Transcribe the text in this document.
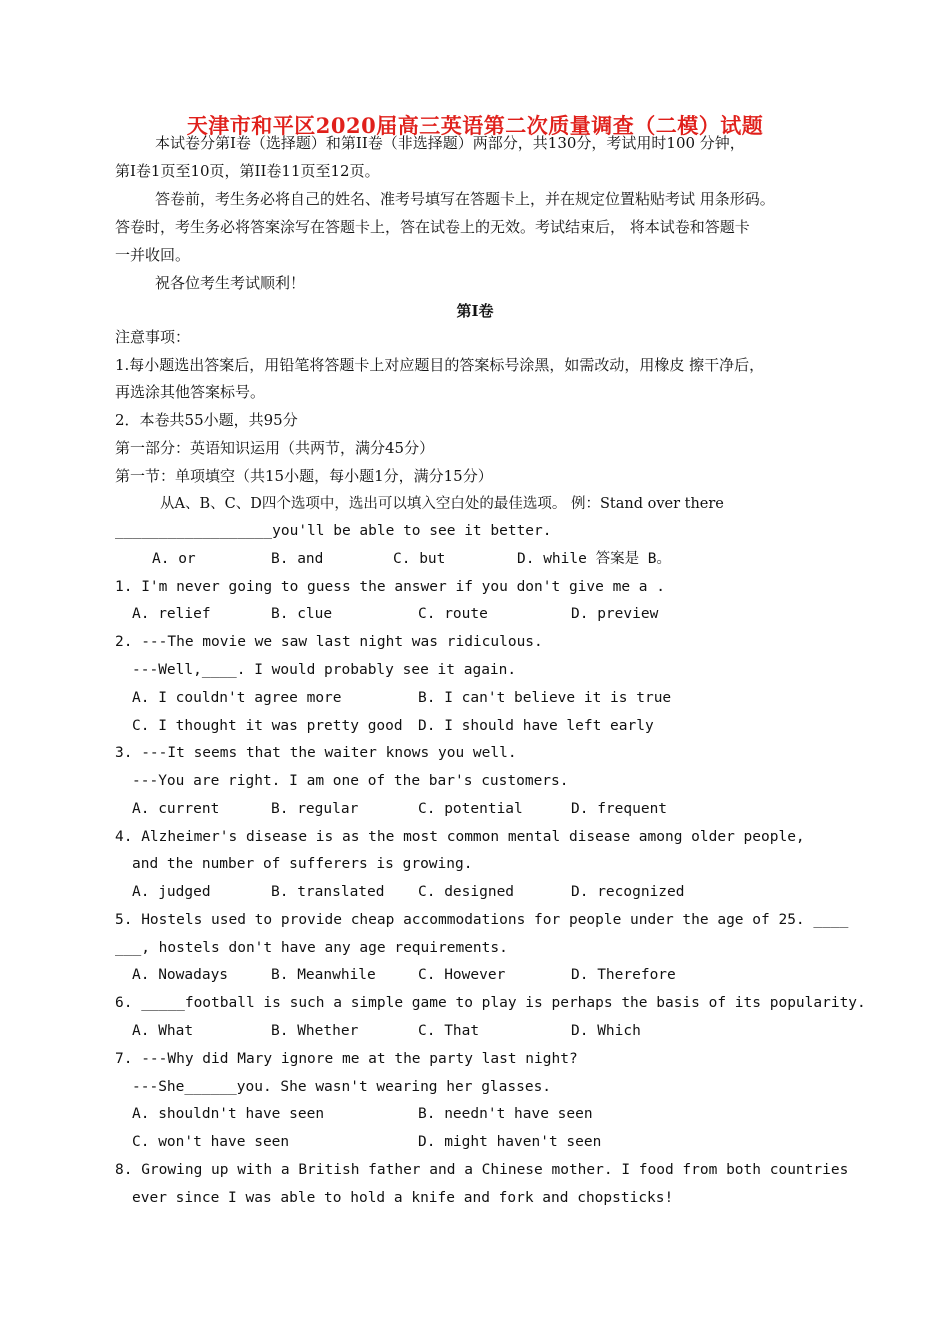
天津市和平区2020届高三英语第二次质量调查（二模）试题
本试卷分第Ⅰ卷（选择题）和第II卷（非选择题）两部分，共130分，考试用时100 分钟，
第Ⅰ卷1页至10页，第II卷11页至12页。
答卷前，考生务必将自己的姓名、准考号填写在答题卡上，并在规定位置粘贴考试 用条形码。
答卷时，考生务必将答案涂写在答题卡上，答在试卷上的无效。考试结束后， 将本试卷和答题卡
一并收回。
祝各位考生考试顺利！
第Ⅰ卷
注意事项：
1.每小题选出答案后，用铅笔将答题卡上对应题目的答案标号涂黑，如需改动，用橡皮 擦干净后，
再选涂其他答案标号。
2．本卷共55小题，共95分
第一部分：英语知识运用（共两节，满分45分）
第一节：单项填空（共15小题，每小题1分，满分15分）
从A、B、C、D四个选项中，选出可以填入空白处的最佳选项。 例：Stand over there
__________________you'll be able to see it better.
A. or	B. and	C. but	D. while 答案是 B。
1. I'm never going to guess the answer if you don't give me a .
A. relief	B. clue	C. route	D. preview
2. ---The movie we saw last night was ridiculous.
---Well,____. I would probably see it again.
A. I couldn't agree more	B. I can't believe it is true
C. I thought it was pretty good D. I should have left early
3. ---It seems that the waiter knows you well.
---You are right. I am one of the bar's customers.
A. current	B. regular	C. potential	D. frequent
4. Alzheimer's disease is as the most common mental disease among older people,
and the number of sufferers is growing.
A. judged	B. translated C. designed	D. recognized
5. Hostels used to provide cheap accommodations for people under the age of 25. ____
___, hostels don't have any age requirements.
A. Nowadays	B. Meanwhile	C. However	D. Therefore
6. _____football is such a simple game to play is perhaps the basis of its popularity.
A. What	B. Whether	C. That	D. Which
7. ---Why did Mary ignore me at the party last night?
---She______you. She wasn't wearing her glasses.
A. shouldn't have seen	B. needn't have seen
C. won't have seen	D. might haven't seen
8. Growing up with a British father and a Chinese mother. I food from both countries
ever since I was able to hold a knife and fork and chopsticks!
